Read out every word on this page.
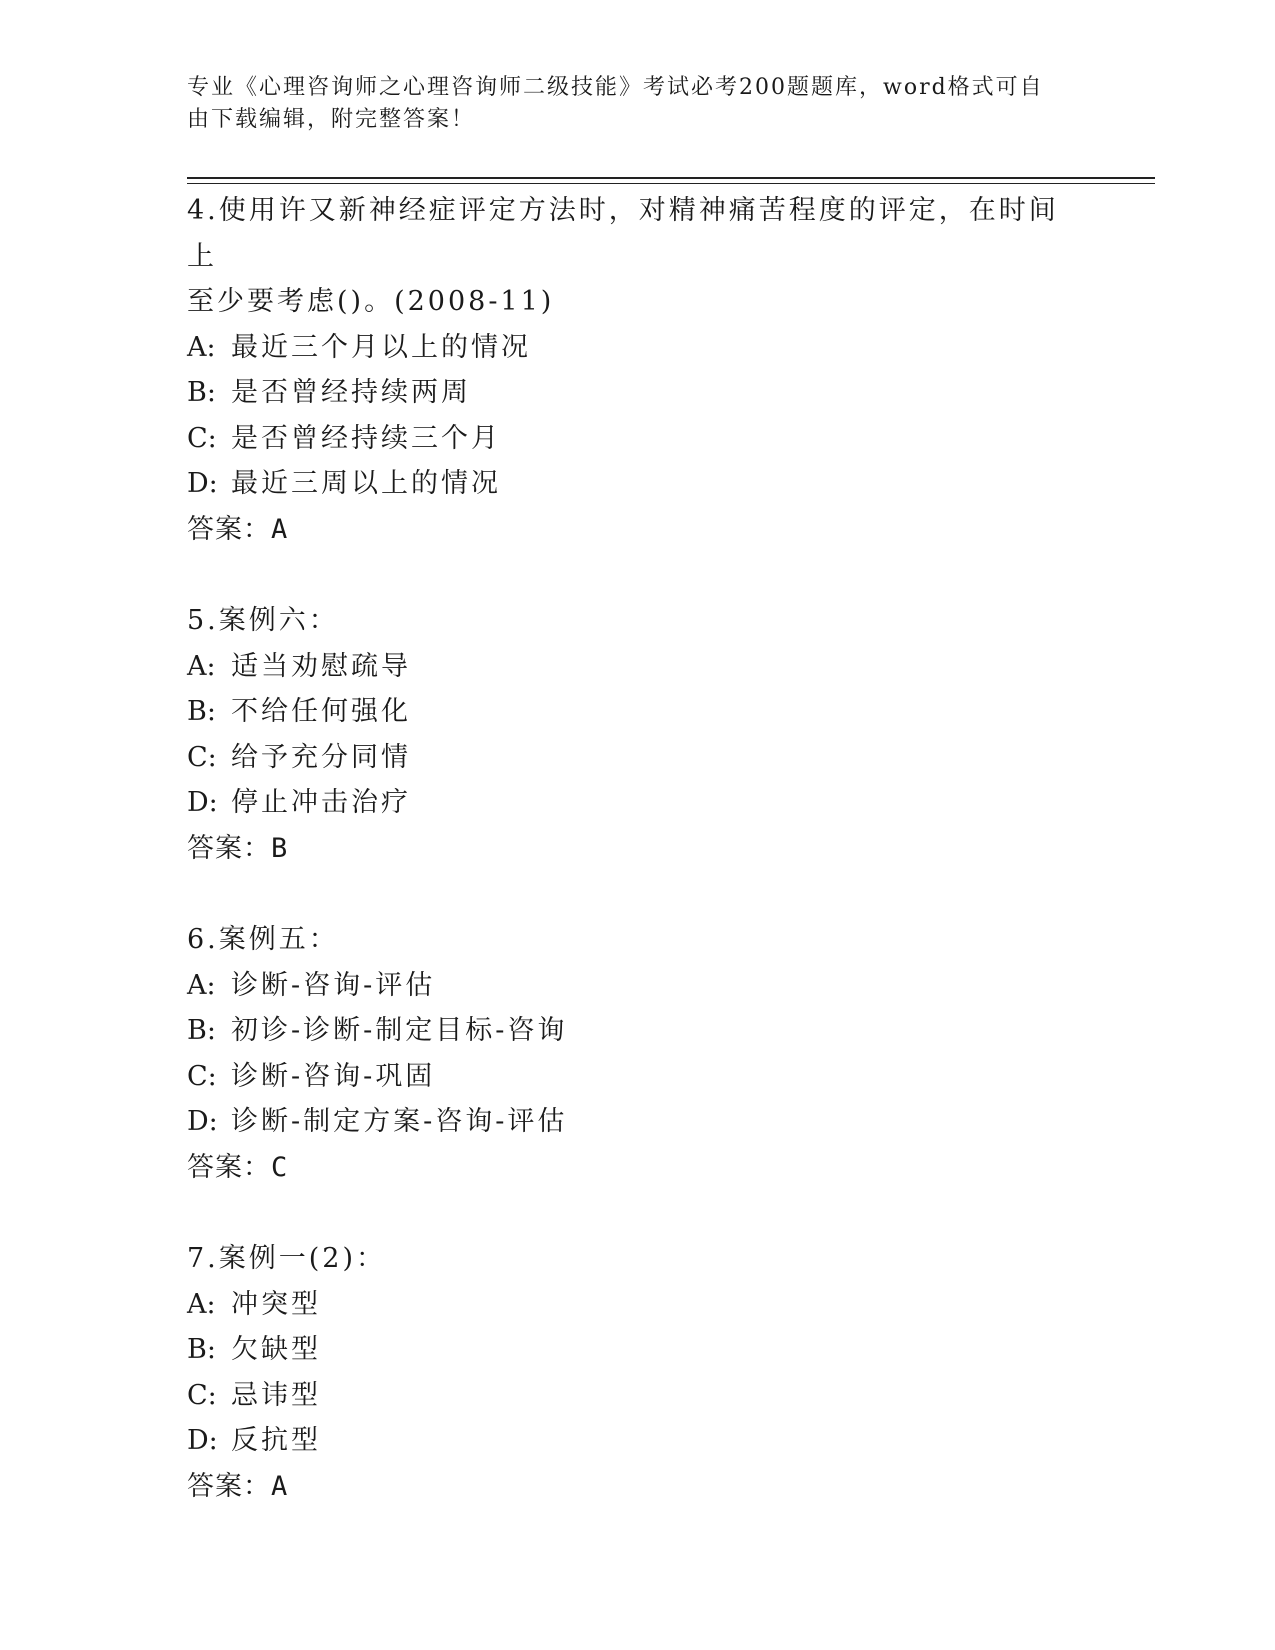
专业《心理咨询师之心理咨询师二级技能》考试必考200题题库，word格式可自
由下载编辑，附完整答案！
4.使用许又新神经症评定方法时，对精神痛苦程度的评定，在时间上
至少要考虑()。(2008-11)
A: 最近三个月以上的情况
B: 是否曾经持续两周
C: 是否曾经持续三个月
D: 最近三周以上的情况
答案：A
5.案例六：
A: 适当劝慰疏导
B: 不给任何强化
C: 给予充分同情
D: 停止冲击治疗
答案：B
6.案例五：
A: 诊断-咨询-评估
B: 初诊-诊断-制定目标-咨询
C: 诊断-咨询-巩固
D: 诊断-制定方案-咨询-评估
答案：C
7.案例一(2)：
A: 冲突型
B: 欠缺型
C: 忌讳型
D: 反抗型
答案：A
